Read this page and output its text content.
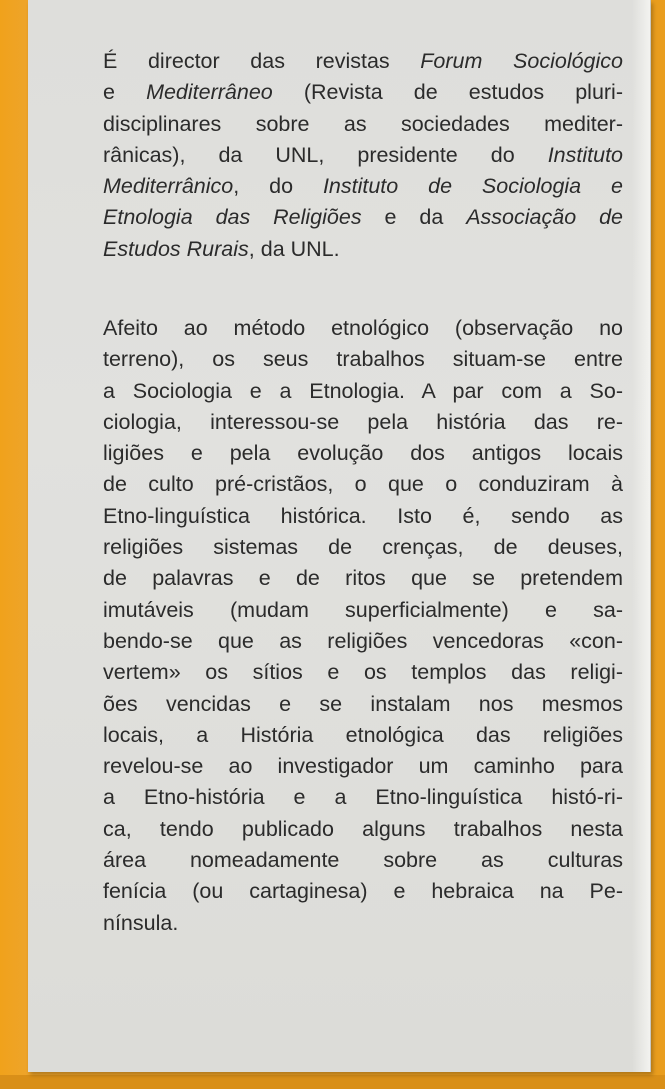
É director das revistas Forum Sociológico
e Mediterrâneo (Revista de estudos pluri-
disciplinares sobre as sociedades mediter-
rânicas), da UNL, presidente do Instituto
Mediterrânico, do Instituto de Sociologia e
Etnologia das Religiões e da Associação de
Estudos Rurais, da UNL.
Afeito ao método etnológico (observação no
terreno), os seus trabalhos situam-se entre
a Sociologia e a Etnologia. A par com a So-
ciologia, interessou-se pela história das re-
ligiões e pela evolução dos antigos locais
de culto pré-cristãos, o que o conduziram à
Etno-linguística histórica. Isto é, sendo as
religiões sistemas de crenças, de deuses,
de palavras e de ritos que se pretendem
imutáveis (mudam superficialmente) e sa-
bendo-se que as religiões vencedoras «con-
vertem» os sítios e os templos das religi-
ões vencidas e se instalam nos mesmos
locais, a História etnológica das religiões
revelou-se ao investigador um caminho para
a Etno-história e a Etno-linguística histó-ri-
ca, tendo publicado alguns trabalhos nesta
área nomeadamente sobre as culturas
fenícia (ou cartaginesa) e hebraica na Pe-
nínsula.
